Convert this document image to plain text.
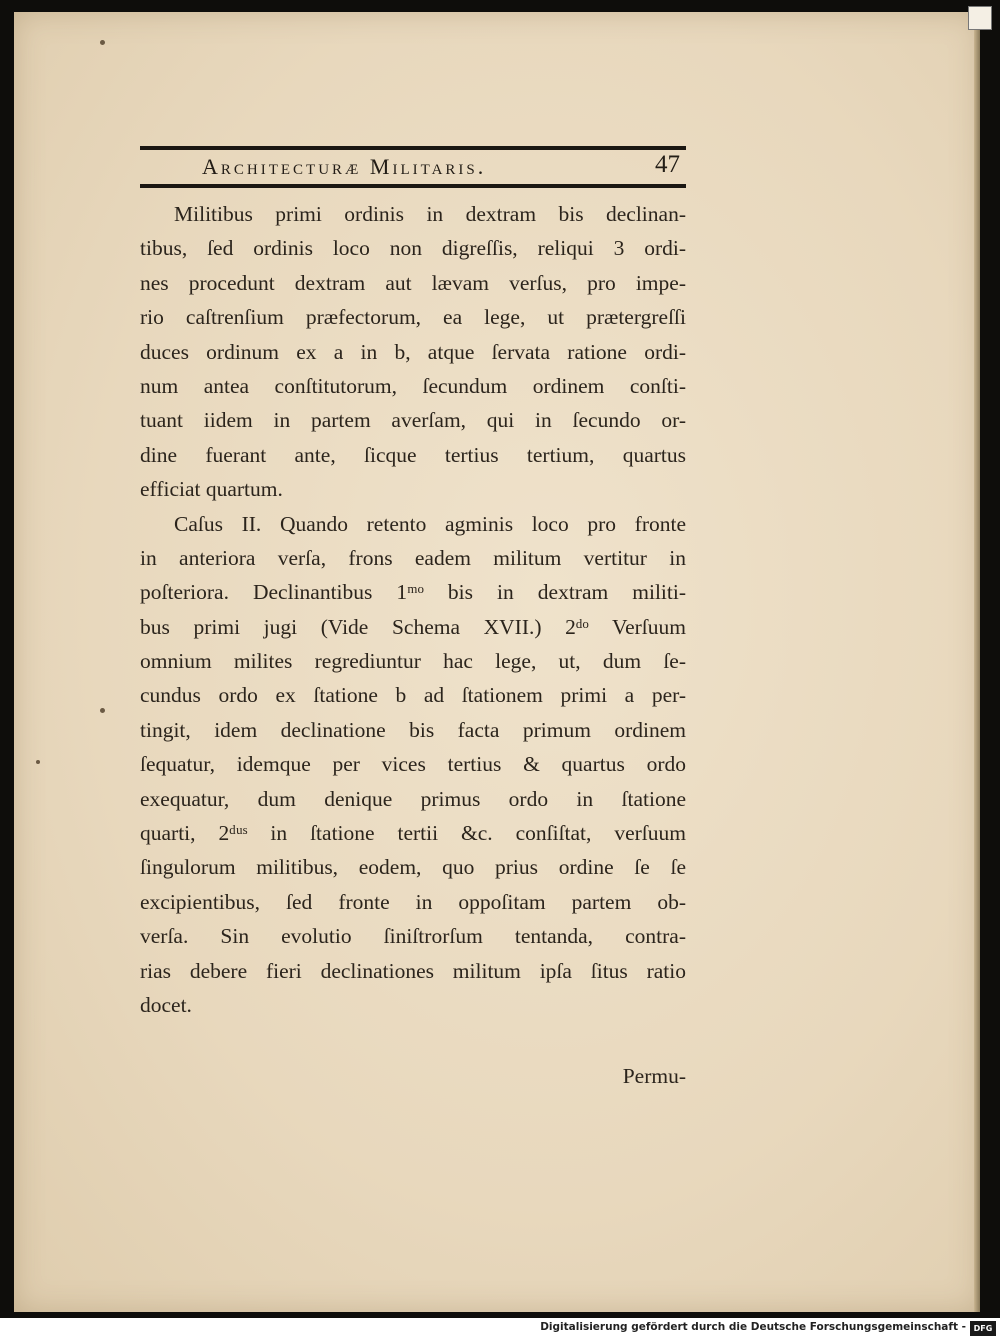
Architecturæ Militaris.	47
Militibus primi ordinis in dextram bis declinan-
tibus, ſed ordinis loco non digreſſis, reliqui 3 ordi-
nes procedunt dextram aut lævam verſus, pro impe-
rio caſtrenſium præfectorum, ea lege, ut prætergreſſi
duces ordinum ex a in b, atque ſervata ratione ordi-
num antea conſtitutorum, ſecundum ordinem conſti-
tuant iidem in partem averſam, qui in ſecundo or-
dine fuerant ante, ſicque tertius tertium, quartus
efficiat quartum.
Caſus II. Quando retento agminis loco pro fronte
in anteriora verſa, frons eadem militum vertitur in
poſteriora. Declinantibus 1ᵐᵒ bis in dextram militi-
bus primi jugi (Vide Schema XVII.) 2ᵈᵒ Verſuum
omnium milites regrediuntur hac lege, ut, dum ſe-
cundus ordo ex ſtatione b ad ſtationem primi a per-
tingit, idem declinatione bis facta primum ordinem
ſequatur, idemque per vices tertius & quartus ordo
exequatur, dum denique primus ordo in ſtatione
quarti, 2ᵈᵘˢ in ſtatione tertii &c. conſiſtat, verſuum
ſingulorum militibus, eodem, quo prius ordine ſe ſe
excipientibus, ſed fronte in oppoſitam partem ob-
verſa. Sin evolutio ſiniſtrorſum tentanda, contra-
rias debere fieri declinationes militum ipſa ſitus ratio
docet.
Permu-
Digitalisierung gefördert durch die Deutsche Forschungsgemeinschaft - DFG
